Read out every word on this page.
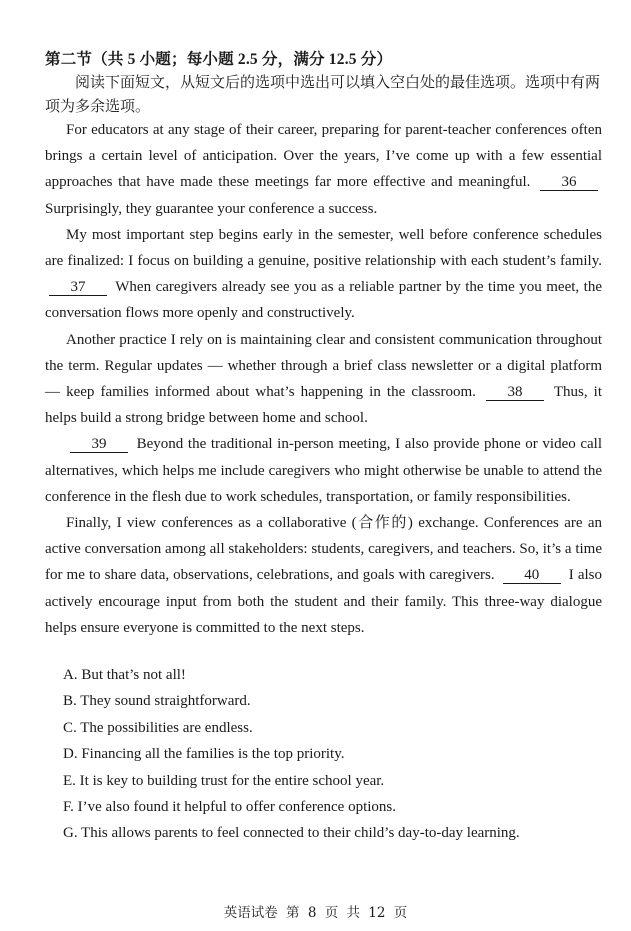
第二节（共 5 小题；每小题 2.5 分，满分 12.5 分）
阅读下面短文，从短文后的选项中选出可以填入空白处的最佳选项。选项中有两项为多余选项。

For educators at any stage of their career, preparing for parent-teacher conferences often brings a certain level of anticipation. Over the years, I’ve come up with a few essential approaches that have made these meetings far more effective and meaningful. 36 Surprisingly, they guarantee your conference a success.

My most important step begins early in the semester, well before conference schedules are finalized: I focus on building a genuine, positive relationship with each student’s family. 37 When caregivers already see you as a reliable partner by the time you meet, the conversation flows more openly and constructively.

Another practice I rely on is maintaining clear and consistent communication throughout the term. Regular updates — whether through a brief class newsletter or a digital platform — keep families informed about what’s happening in the classroom. 38 Thus, it helps build a strong bridge between home and school.

39 Beyond the traditional in-person meeting, I also provide phone or video call alternatives, which helps me include caregivers who might otherwise be unable to attend the conference in the flesh due to work schedules, transportation, or family responsibilities.

Finally, I view conferences as a collaborative (合作的) exchange. Conferences are an active conversation among all stakeholders: students, caregivers, and teachers. So, it’s a time for me to share data, observations, celebrations, and goals with caregivers. 40 I also actively encourage input from both the student and their family. This three-way dialogue helps ensure everyone is committed to the next steps.

A. But that’s not all!
B. They sound straightforward.
C. The possibilities are endless.
D. Financing all the families is the top priority.
E. It is key to building trust for the entire school year.
F. I’ve also found it helpful to offer conference options.
G. This allows parents to feel connected to their child’s day-to-day learning.
英语试卷 第 8 页 共 12 页
